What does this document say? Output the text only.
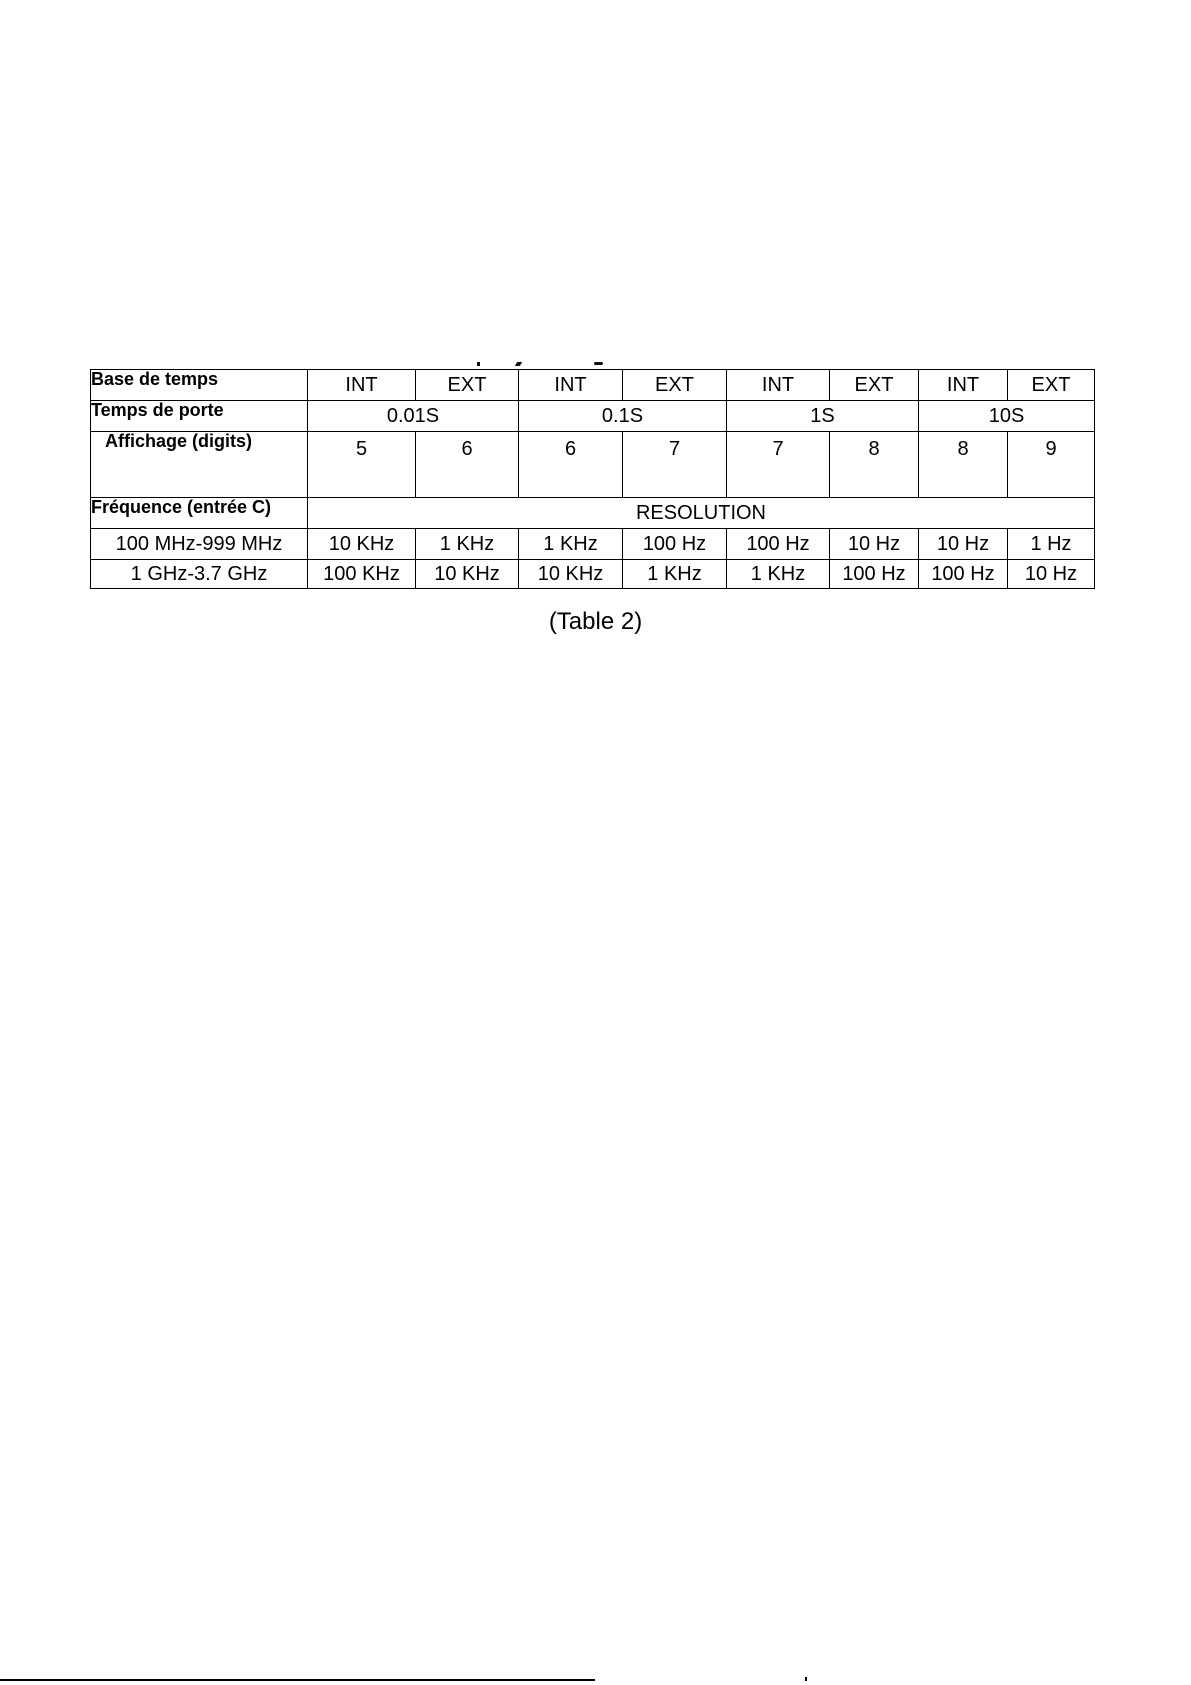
Base de temps	INT	EXT	INT	EXT	INT	EXT	INT	EXT
Temps de porte	0.01S		0.1S		1S		10S	
Affichage (digits)	5	6	6	7	7	8	8	9
Fréquence (entrée C)	RESOLUTION							
100 MHz-999 MHz	10 KHz	1 KHz	1 KHz	100 Hz	100 Hz	10 Hz	10 Hz	1 Hz
1 GHz-3.7 GHz	100 KHz	10 KHz	10 KHz	1 KHz	1 KHz	100 Hz	100 Hz	10 Hz
(Table 2)
